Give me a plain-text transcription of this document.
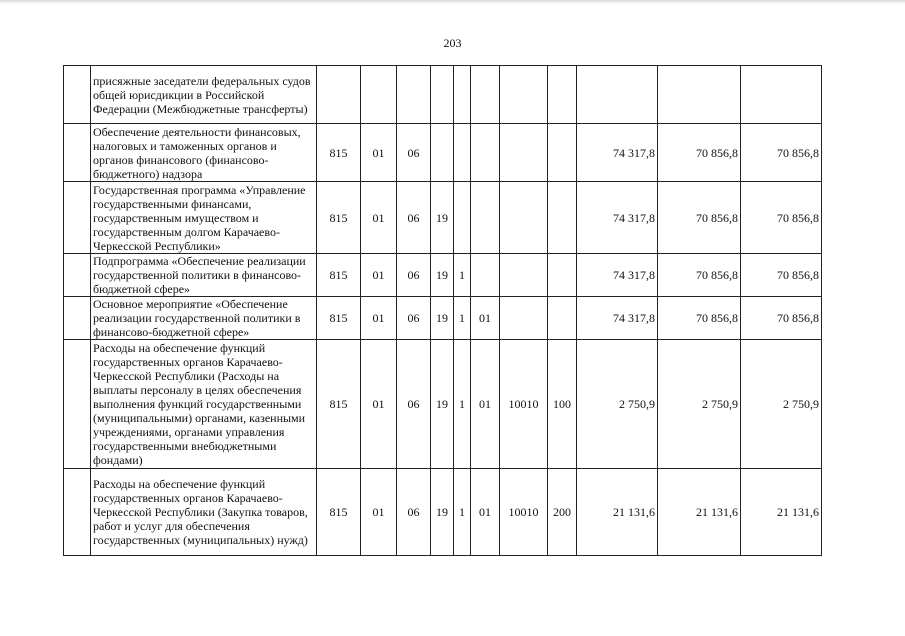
203
	присяжные заседатели федеральных судов общей юрисдикции в Российской Федерации (Межбюджетные трансферты)											
	Обеспечение деятельности финансовых, налоговых и таможенных органов и органов финансового (финансово-бюджетного) надзора	815	01	06						74 317,8	70 856,8	70 856,8
	Государственная программа «Управление государственными финансами, государственным имуществом и государственным долгом Карачаево-Черкесской Республики»	815	01	06	19					74 317,8	70 856,8	70 856,8
	Подпрограмма «Обеспечение реализации государственной политики в финансово-бюджетной сфере»	815	01	06	19	1				74 317,8	70 856,8	70 856,8
	Основное мероприятие «Обеспечение реализации государственной политики в финансово-бюджетной сфере»	815	01	06	19	1	01			74 317,8	70 856,8	70 856,8
	Расходы на обеспечение функций государственных органов Карачаево-Черкесской Республики (Расходы на выплаты персоналу в целях обеспечения выполнения функций государственными (муниципальными) органами, казенными учреждениями, органами управления государственными внебюджетными фондами)	815	01	06	19	1	01	10010	100	2 750,9	2 750,9	2 750,9
	Расходы на обеспечение функций государственных органов Карачаево-Черкесской Республики (Закупка товаров, работ и услуг для обеспечения государственных (муниципальных) нужд)	815	01	06	19	1	01	10010	200	21 131,6	21 131,6	21 131,6
